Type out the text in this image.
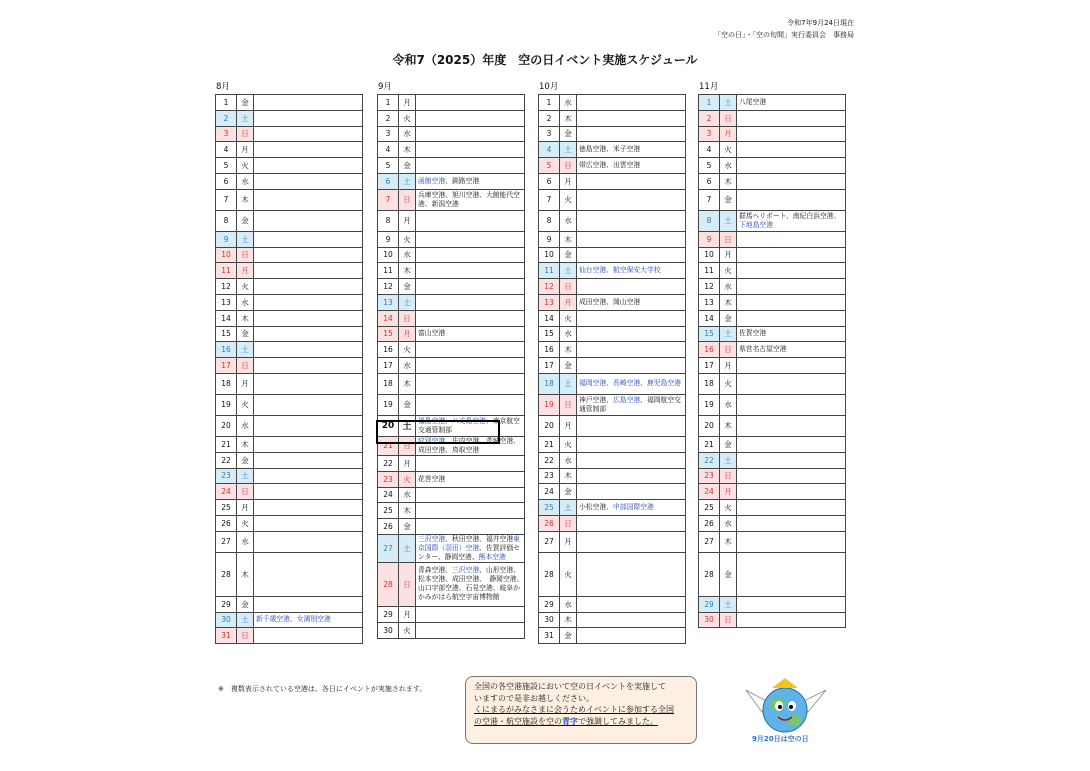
令和7年9月24日現在
「空の日」・「空の旬間」実行委員会　事務局
令和7（2025）年度　空の日イベント実施スケジュール
8月
1	金	
2	土	
3	日	
4	月	
5	火	
6	水	
7	木	
8	金	
9	土	
10	日	
11	月	
12	火	
13	水	
14	木	
15	金	
16	土	
17	日	
18	月	
19	火	
20	水	
21	木	
22	金	
23	土	
24	日	
25	月	
26	火	
27	水	
28	木	
29	金	
30	土	新千歳空港、女満別空港
31	日	
9月
1	月	
2	火	
3	水	
4	木	
5	金	
6	土	函館空港、釧路空港
7	日	兵庫空港、旭川空港、大館能代空港、新潟空港
8	月	
9	火	
10	水	
11	木	
12	金	
13	土	
14	日	
15	月	富山空港
16	火	
17	水	
18	木	
19	金	
20	土	福島空港、八丈島空港、東京航空交通管制部
21	日	紋別空港、庄内空港、茨城空港、成田空港、鳥取空港
22	月	
23	火	花巻空港
24	水	
25	木	
26	金	
27	土	三沢空港、秋田空港、福井空港東京国際（羽田）空港、佐賀評価センター、静岡空港、熊本空港
28	日	青森空港、三沢空港、山形空港、松本空港、成田空港、　静岡空港、山口宇部空港、石見空港、岐阜かかみがはら航空宇宙博物館
29	月	
30	火	
10月
1	水	
2	木	
3	金	
4	土	徳島空港、米子空港
5	日	帯広空港、出雲空港
6	月	
7	火	
8	水	
9	木	
10	金	
11	土	仙台空港、航空保安大学校
12	日	
13	月	成田空港、岡山空港
14	火	
15	水	
16	木	
17	金	
18	土	福岡空港、長崎空港、鹿児島空港
19	日	神戸空港、広島空港、福岡航空交通管制部
20	月	
21	火	
22	水	
23	木	
24	金	
25	土	小松空港、中部国際空港
26	日	
27	月	
28	火	
29	水	
30	木	
31	金	
11月
1	土	八尾空港
2	日	
3	月	
4	火	
5	水	
6	木	
7	金	
8	土	群馬ヘリポート、南紀白浜空港、下地島空港
9	日	
10	月	
11	火	
12	水	
13	木	
14	金	
15	土	佐賀空港
16	日	県営名古屋空港
17	月	
18	火	
19	水	
20	木	
21	金	
22	土	
23	日	
24	月	
25	火	
26	水	
27	木	
28	金	
29	土	
30	日	
※　複数表示されている空港は、各日にイベントが実施されます。	全国の各空港施設において空の日イベントを実施して
いますので是非お越しください。
くにまるがみなさまに会うためイベントに参加する全国
の空港・航空施設を空の青字で強調してみました。
9月20日は空の日
